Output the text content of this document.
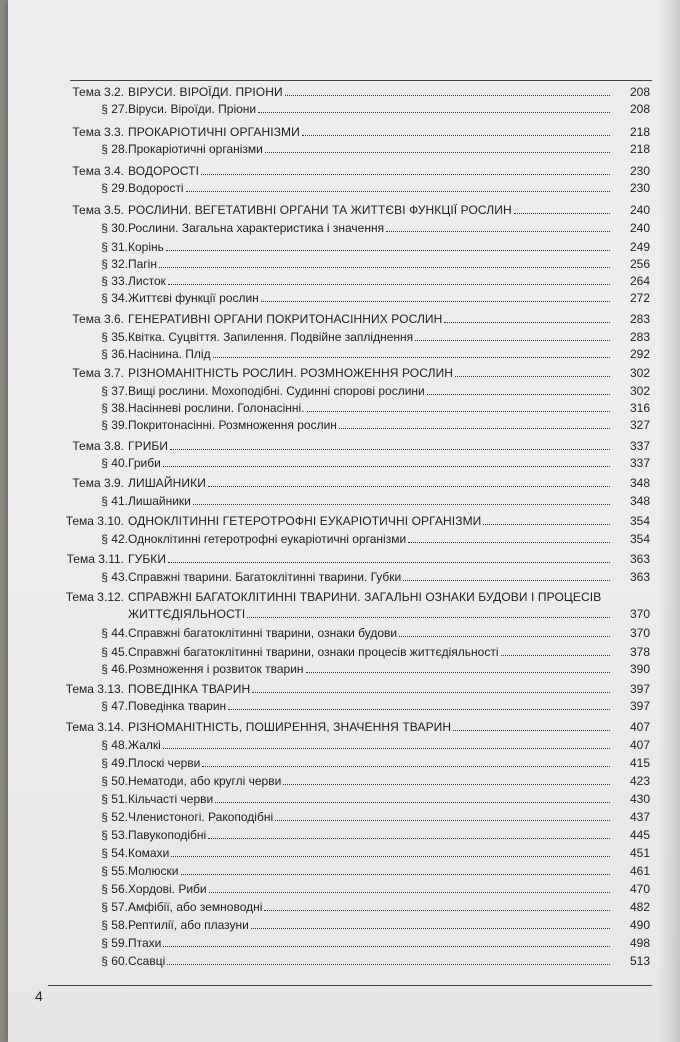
Тема 3.2. ВІРУСИ. ВІРОЇДИ. ПРІОНИ	208
§ 27. Віруси. Віроїди. Пріони	208
Тема 3.3. ПРОКАРІОТИЧНІ ОРГАНІЗМИ	218
§ 28. Прокаріотичні організми	218
Тема 3.4. ВОДОРОСТІ	230
§ 29. Водорості	230
Тема 3.5. РОСЛИНИ. ВЕГЕТАТИВНІ ОРГАНИ ТА ЖИТТЄВІ ФУНКЦІЇ РОСЛИН	240
§ 30. Рослини. Загальна характеристика і значення	240
§ 31. Корінь	249
§ 32. Пагін	256
§ 33. Листок	264
§ 34. Життєві функції рослин	272
Тема 3.6. ГЕНЕРАТИВНІ ОРГАНИ ПОКРИТОНАСІННИХ РОСЛИН	283
§ 35. Квітка. Суцвіття. Запилення. Подвійне запліднення	283
§ 36. Насінина. Плід	292
Тема 3.7. РІЗНОМАНІТНІСТЬ РОСЛИН. РОЗМНОЖЕННЯ РОСЛИН	302
§ 37. Вищі рослини. Мохоподібні. Судинні спорові рослини	302
§ 38. Насінневі рослини. Голонасінні.	316
§ 39. Покритонасінні. Розмноження рослин	327
Тема 3.8. ГРИБИ	337
§ 40. Гриби	337
Тема 3.9. ЛИШАЙНИКИ	348
§ 41. Лишайники	348
Тема 3.10. ОДНОКЛІТИННІ ГЕТЕРОТРОФНІ ЕУКАРІОТИЧНІ ОРГАНІЗМИ	354
§ 42. Одноклітинні гетеротрофні еукаріотичні організми	354
Тема 3.11. ГУБКИ	363
§ 43. Справжні тварини. Багатоклітинні тварини. Губки	363
Тема 3.12. СПРАВЖНІ БАГАТОКЛІТИННІ ТВАРИНИ. ЗАГАЛЬНІ ОЗНАКИ БУДОВИ І ПРОЦЕСІВ
ЖИТТЄДІЯЛЬНОСТІ	370
§ 44. Справжні багатоклітинні тварини, ознаки будови	370
§ 45. Справжні багатоклітинні тварини, ознаки процесів життєдіяльності	378
§ 46. Розмноження і розвиток тварин	390
Тема 3.13. ПОВЕДІНКА ТВАРИН	397
§ 47. Поведінка тварин	397
Тема 3.14. РІЗНОМАНІТНІСТЬ, ПОШИРЕННЯ, ЗНАЧЕННЯ ТВАРИН	407
§ 48. Жалкі	407
§ 49. Плоскі черви	415
§ 50. Нематоди, або круглі черви	423
§ 51. Кільчасті черви	430
§ 52. Членистоногі. Ракоподібні	437
§ 53. Павукоподібні	445
§ 54. Комахи	451
§ 55. Молюски	461
§ 56. Хордові. Риби	470
§ 57. Амфібії, або земноводні	482
§ 58. Рептилії, або плазуни	490
§ 59. Птахи	498
§ 60. Ссавці	513
4
